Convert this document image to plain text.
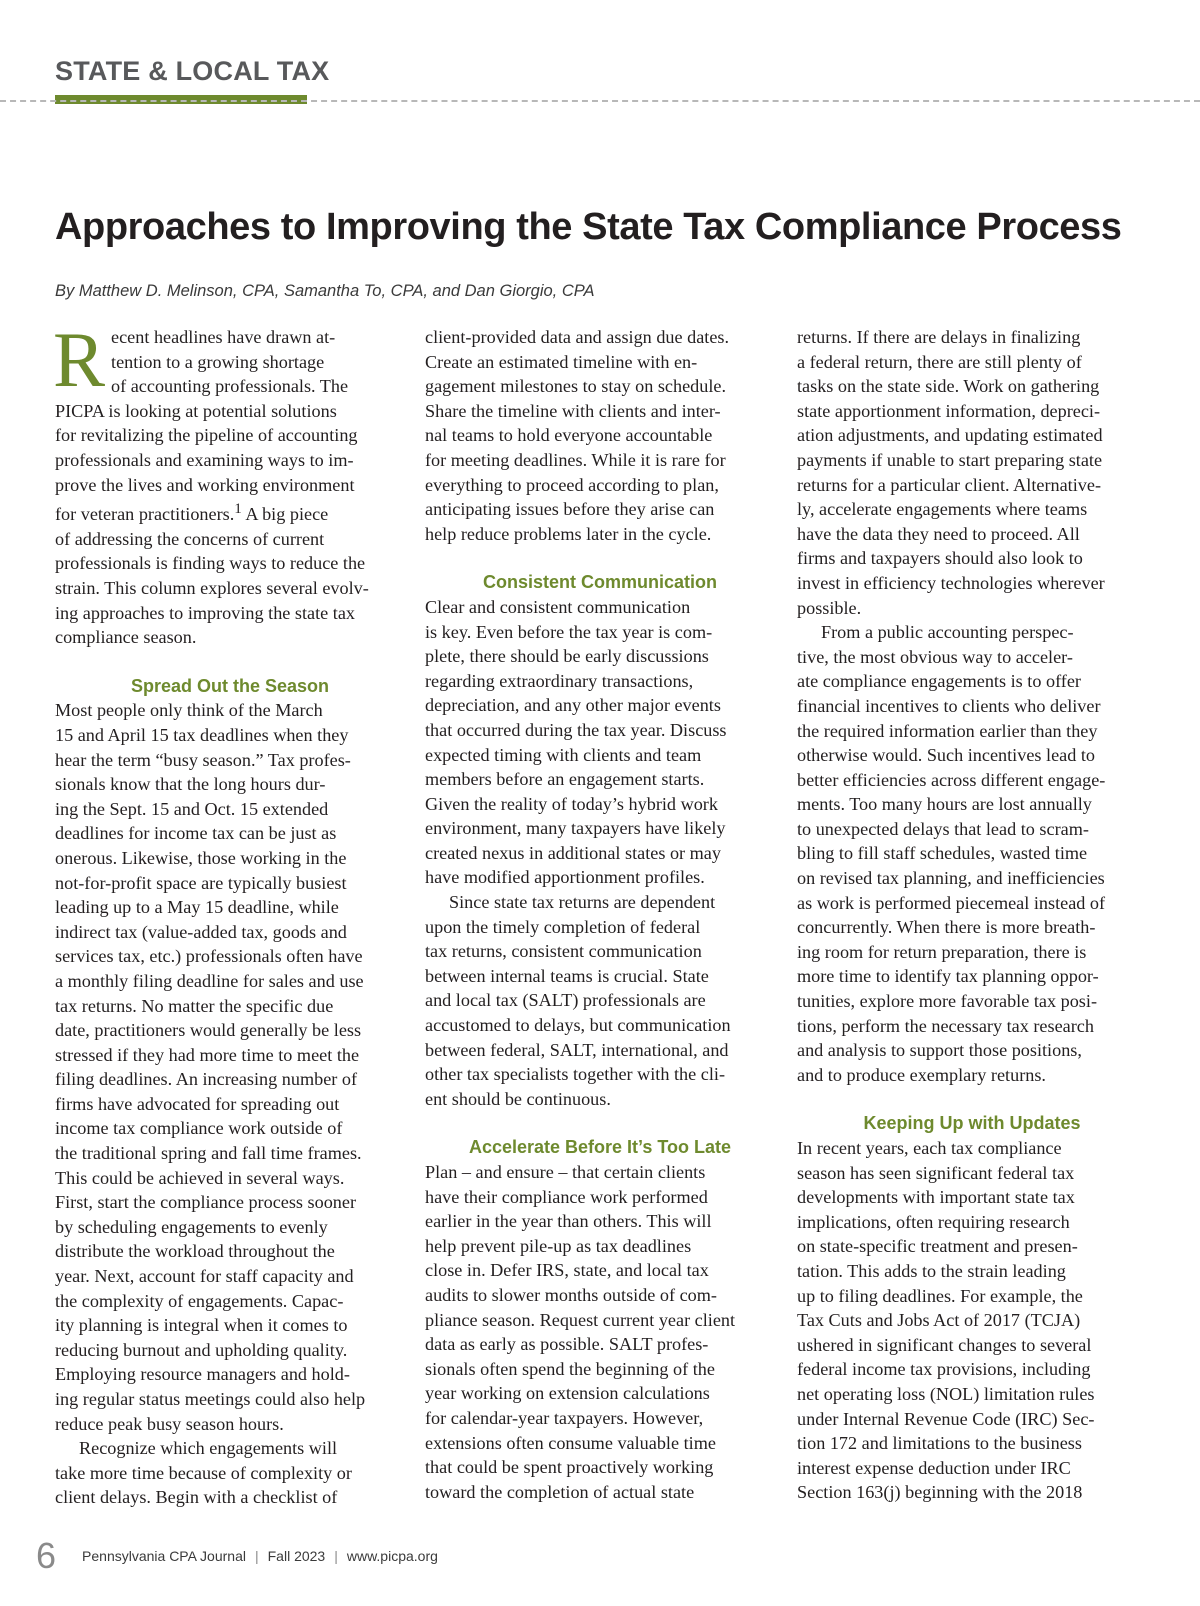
STATE & LOCAL TAX
Approaches to Improving the State Tax Compliance Process
By Matthew D. Melinson, CPA, Samantha To, CPA, and Dan Giorgio, CPA

Recent headlines have drawn at-
tention to a growing shortage
of accounting professionals. The
PICPA is looking at potential solutions
for revitalizing the pipeline of accounting
professionals and examining ways to im-
prove the lives and working environment
for veteran practitioners.$^1$ A big piece
of addressing the concerns of current
professionals is finding ways to reduce the
strain. This column explores several evolv-
ing approaches to improving the state tax
compliance season.

Spread Out the Season

Most people only think of the March
15 and April 15 tax deadlines when they
hear the term “busy season.” Tax profes-
sionals know that the long hours dur-
ing the Sept. 15 and Oct. 15 extended
deadlines for income tax can be just as
onerous. Likewise, those working in the
not-for-profit space are typically busiest
leading up to a May 15 deadline, while
indirect tax (value-added tax, goods and
services tax, etc.) professionals often have
a monthly filing deadline for sales and use
tax returns. No matter the specific due
date, practitioners would generally be less
stressed if they had more time to meet the
filing deadlines. An increasing number of
firms have advocated for spreading out
income tax compliance work outside of
the traditional spring and fall time frames.
This could be achieved in several ways.
First, start the compliance process sooner
by scheduling engagements to evenly
distribute the workload throughout the
year. Next, account for staff capacity and
the complexity of engagements. Capac-
ity planning is integral when it comes to
reducing burnout and upholding quality.
Employing resource managers and hold-
ing regular status meetings could also help
reduce peak busy season hours.

Recognize which engagements will
take more time because of complexity or
client delays. Begin with a checklist of

client-provided data and assign due dates.
Create an estimated timeline with en-
gagement milestones to stay on schedule.
Share the timeline with clients and inter-
nal teams to hold everyone accountable
for meeting deadlines. While it is rare for
everything to proceed according to plan,
anticipating issues before they arise can
help reduce problems later in the cycle.

Consistent Communication

Clear and consistent communication
is key. Even before the tax year is com-
plete, there should be early discussions
regarding extraordinary transactions,
depreciation, and any other major events
that occurred during the tax year. Discuss
expected timing with clients and team
members before an engagement starts.
Given the reality of today’s hybrid work
environment, many taxpayers have likely
created nexus in additional states or may
have modified apportionment profiles.

Since state tax returns are dependent
upon the timely completion of federal
tax returns, consistent communication
between internal teams is crucial. State
and local tax (SALT) professionals are
accustomed to delays, but communication
between federal, SALT, international, and
other tax specialists together with the cli-
ent should be continuous.

Accelerate Before It’s Too Late

Plan – and ensure – that certain clients
have their compliance work performed
earlier in the year than others. This will
help prevent pile-up as tax deadlines
close in. Defer IRS, state, and local tax
audits to slower months outside of com-
pliance season. Request current year client
data as early as possible. SALT profes-
sionals often spend the beginning of the
year working on extension calculations
for calendar-year taxpayers. However,
extensions often consume valuable time
that could be spent proactively working
toward the completion of actual state

returns. If there are delays in finalizing
a federal return, there are still plenty of
tasks on the state side. Work on gathering
state apportionment information, depreci-
ation adjustments, and updating estimated
payments if unable to start preparing state
returns for a particular client. Alternative-
ly, accelerate engagements where teams
have the data they need to proceed. All
firms and taxpayers should also look to
invest in efficiency technologies wherever
possible.

From a public accounting perspec-
tive, the most obvious way to acceler-
ate compliance engagements is to offer
financial incentives to clients who deliver
the required information earlier than they
otherwise would. Such incentives lead to
better efficiencies across different engage-
ments. Too many hours are lost annually
to unexpected delays that lead to scram-
bling to fill staff schedules, wasted time
on revised tax planning, and inefficiencies
as work is performed piecemeal instead of
concurrently. When there is more breath-
ing room for return preparation, there is
more time to identify tax planning oppor-
tunities, explore more favorable tax posi-
tions, perform the necessary tax research
and analysis to support those positions,
and to produce exemplary returns.

Keeping Up with Updates

In recent years, each tax compliance
season has seen significant federal tax
developments with important state tax
implications, often requiring research
on state-specific treatment and presen-
tation. This adds to the strain leading
up to filing deadlines. For example, the
Tax Cuts and Jobs Act of 2017 (TCJA)
ushered in significant changes to several
federal income tax provisions, including
net operating loss (NOL) limitation rules
under Internal Revenue Code (IRC) Sec-
tion 172 and limitations to the business
interest expense deduction under IRC
Section 163(j) beginning with the 2018

6 Pennsylvania CPA Journal | Fall 2023 | www.picpa.org
